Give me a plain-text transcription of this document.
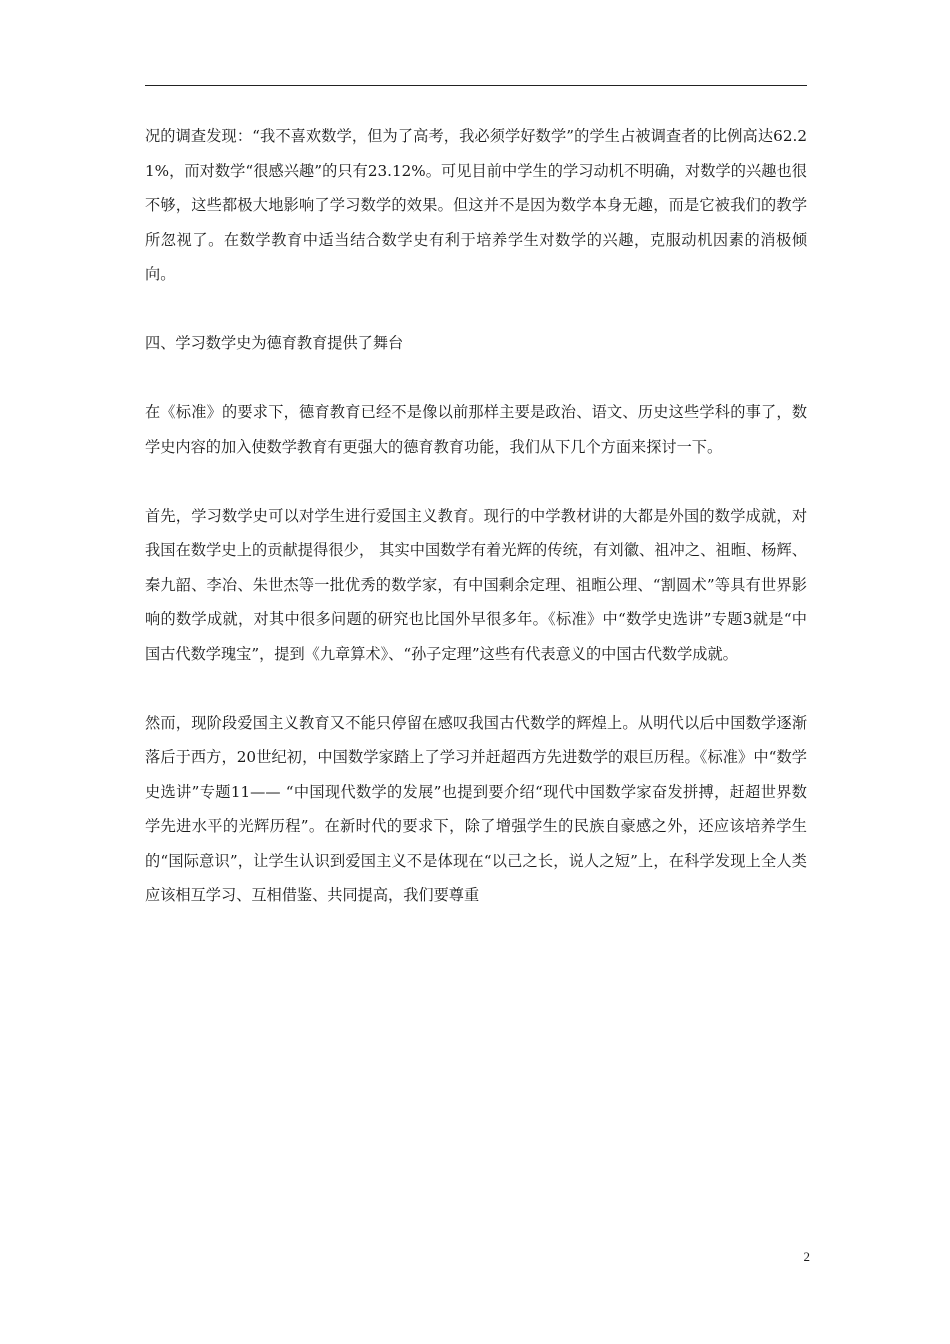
况的调查发现：“我不喜欢数学，但为了高考，我必须学好数学”的学生占被调查者的比例高达62.21%，而对数学“很感兴趣”的只有23.12%。可见目前中学生的学习动机不明确，对数学的兴趣也很不够，这些都极大地影响了学习数学的效果。但这并不是因为数学本身无趣，而是它被我们的教学所忽视了。在数学教育中适当结合数学史有利于培养学生对数学的兴趣，克服动机因素的消极倾向。

四、学习数学史为德育教育提供了舞台

在《标准》的要求下，德育教育已经不是像以前那样主要是政治、语文、历史这些学科的事了，数学史内容的加入使数学教育有更强大的德育教育功能，我们从下几个方面来探讨一下。

首先，学习数学史可以对学生进行爱国主义教育。现行的中学教材讲的大都是外国的数学成就，对我国在数学史上的贡献提得很少， 其实中国数学有着光辉的传统，有刘徽、祖冲之、祖暅、杨辉、秦九韶、李冶、朱世杰等一批优秀的数学家，有中国剩余定理、祖暅公理、“割圆术”等具有世界影响的数学成就，对其中很多问题的研究也比国外早很多年。《标准》中“数学史选讲”专题3就是“中国古代数学瑰宝”，提到《九章算术》、“孙子定理”这些有代表意义的中国古代数学成就。

然而，现阶段爱国主义教育又不能只停留在感叹我国古代数学的辉煌上。从明代以后中国数学逐渐落后于西方，20世纪初，中国数学家踏上了学习并赶超西方先进数学的艰巨历程。《标准》中“数学史选讲”专题11—— “中国现代数学的发展”也提到要介绍“现代中国数学家奋发拼搏，赶超世界数学先进水平的光辉历程”。在新时代的要求下，除了增强学生的民族自豪感之外，还应该培养学生的“国际意识”，让学生认识到爱国主义不是体现在“以己之长，说人之短”上，在科学发现上全人类应该相互学习、互相借鉴、共同提高，我们要尊重

2
